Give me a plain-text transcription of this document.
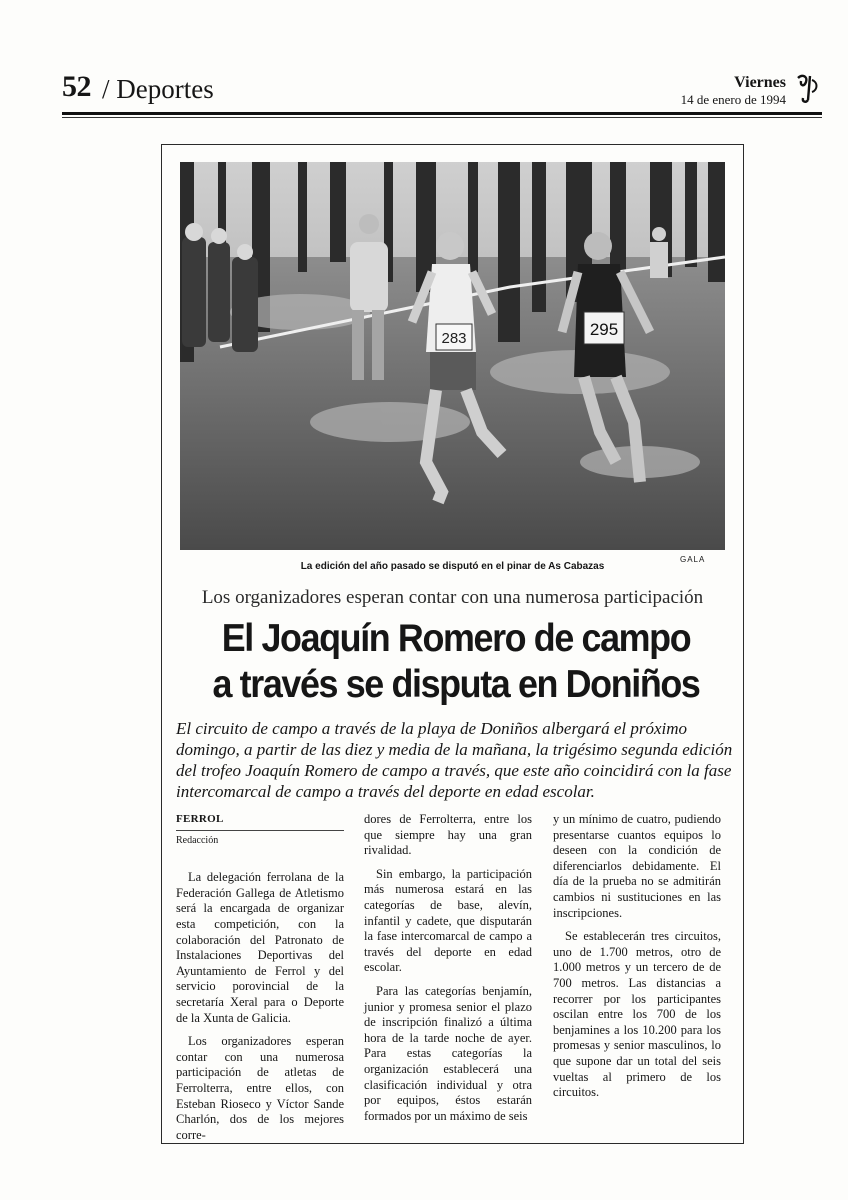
52 / Deportes	Viernes
14 de enero de 1994
283	295
GALA
La edición del año pasado se disputó en el pinar de As Cabazas
Los organizadores esperan contar con una numerosa participación
El Joaquín Romero de campo
a través se disputa en Doniños
El circuito de campo a través de la playa de Doniños albergará el próximo domingo, a partir de las diez y media de la mañana, la trigésimo segunda edición del trofeo Joaquín Romero de campo a través, que este año coincidirá con la fase intercomarcal de campo a través del deporte en edad escolar.
FERROL
Redacción

La delegación ferrolana de la Federación Gallega de Atletismo será la encargada de organizar esta competición, con la colaboración del Patronato de Instalaciones Deportivas del Ayuntamiento de Ferrol y del servicio porovincial de la secretaría Xeral para o Deporte de la Xunta de Galicia.

Los organizadores esperan contar con una numerosa participación de atletas de Ferrolterra, entre ellos, con Esteban Rioseco y Víctor Sande Charlón, dos de los mejores corre-

dores de Ferrolterra, entre los que siempre hay una gran rivalidad.

Sin embargo, la participación más numerosa estará en las categorías de base, alevín, infantil y cadete, que disputarán la fase intercomarcal de campo a través del deporte en edad escolar.

Para las categorías benjamín, junior y promesa senior el plazo de inscripción finalizó a última hora de la tarde noche de ayer. Para estas categorías la organización establecerá una clasificación individual y otra por equipos, éstos estarán formados por un máximo de seis

y un mínimo de cuatro, pudiendo presentarse cuantos equipos lo deseen con la condición de diferenciarlos debidamente. El día de la prueba no se admitirán cambios ni sustituciones en las inscripciones.

Se establecerán tres circuitos, uno de 1.700 metros, otro de 1.000 metros y un tercero de de 700 metros. Las distancias a recorrer por los participantes oscilan entre los 700 de los benjamines a los 10.200 para los promesas y senior masculinos, lo que supone dar un total del seis vueltas al primero de los circuitos.
